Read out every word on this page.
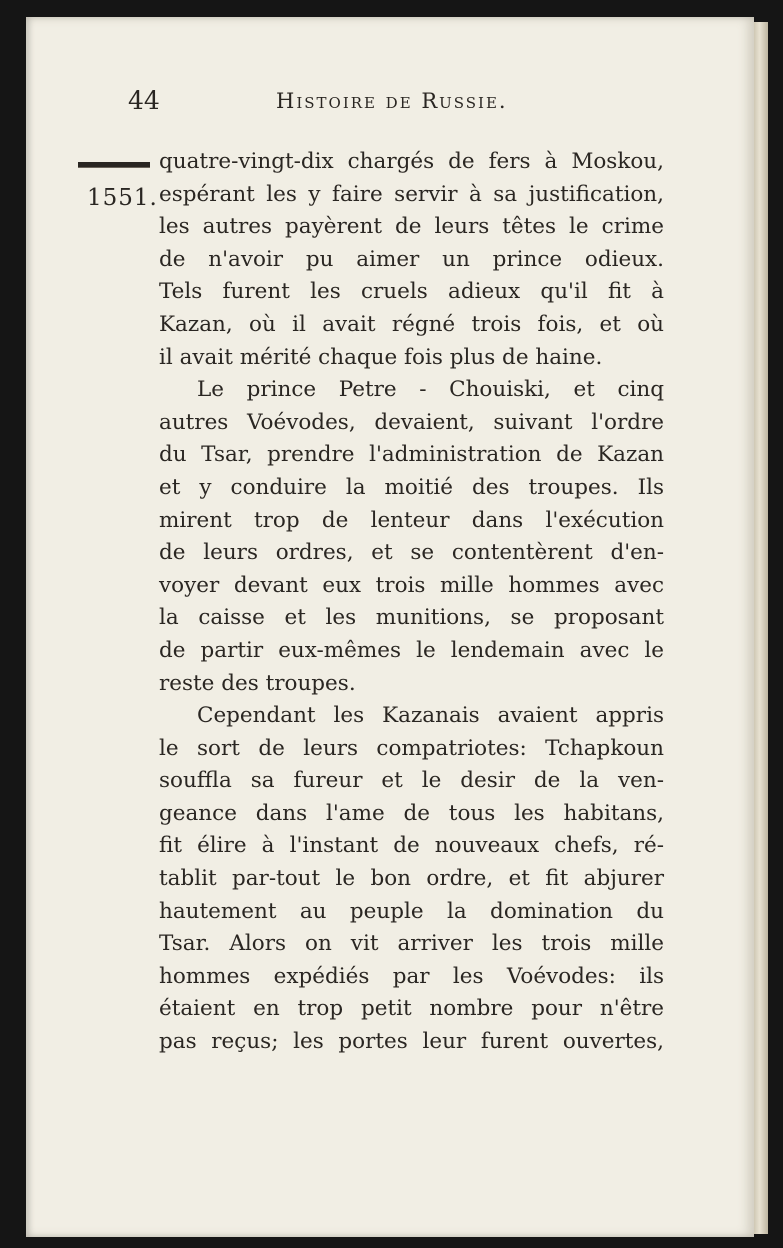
44	Histoire de Russie.
1551.
quatre-vingt-dix chargés de fers à Moskou,
espérant les y faire servir à sa justification,
les autres payèrent de leurs têtes le crime
de n'avoir pu aimer un prince odieux.
Tels furent les cruels adieux qu'il fit à
Kazan, où il avait régné trois fois, et où
il avait mérité chaque fois plus de haine.
Le prince Petre - Chouiski, et cinq
autres Voévodes, devaient, suivant l'ordre
du Tsar, prendre l'administration de Kazan
et y conduire la moitié des troupes. Ils
mirent trop de lenteur dans l'exécution
de leurs ordres, et se contentèrent d'en-
voyer devant eux trois mille hommes avec
la caisse et les munitions, se proposant
de partir eux-mêmes le lendemain avec le
reste des troupes.
Cependant les Kazanais avaient appris
le sort de leurs compatriotes: Tchapkoun
souffla sa fureur et le desir de la ven-
geance dans l'ame de tous les habitans,
fit élire à l'instant de nouveaux chefs, ré-
tablit par-tout le bon ordre, et fit abjurer
hautement au peuple la domination du
Tsar. Alors on vit arriver les trois mille
hommes expédiés par les Voévodes: ils
étaient en trop petit nombre pour n'être
pas reçus; les portes leur furent ouvertes,
